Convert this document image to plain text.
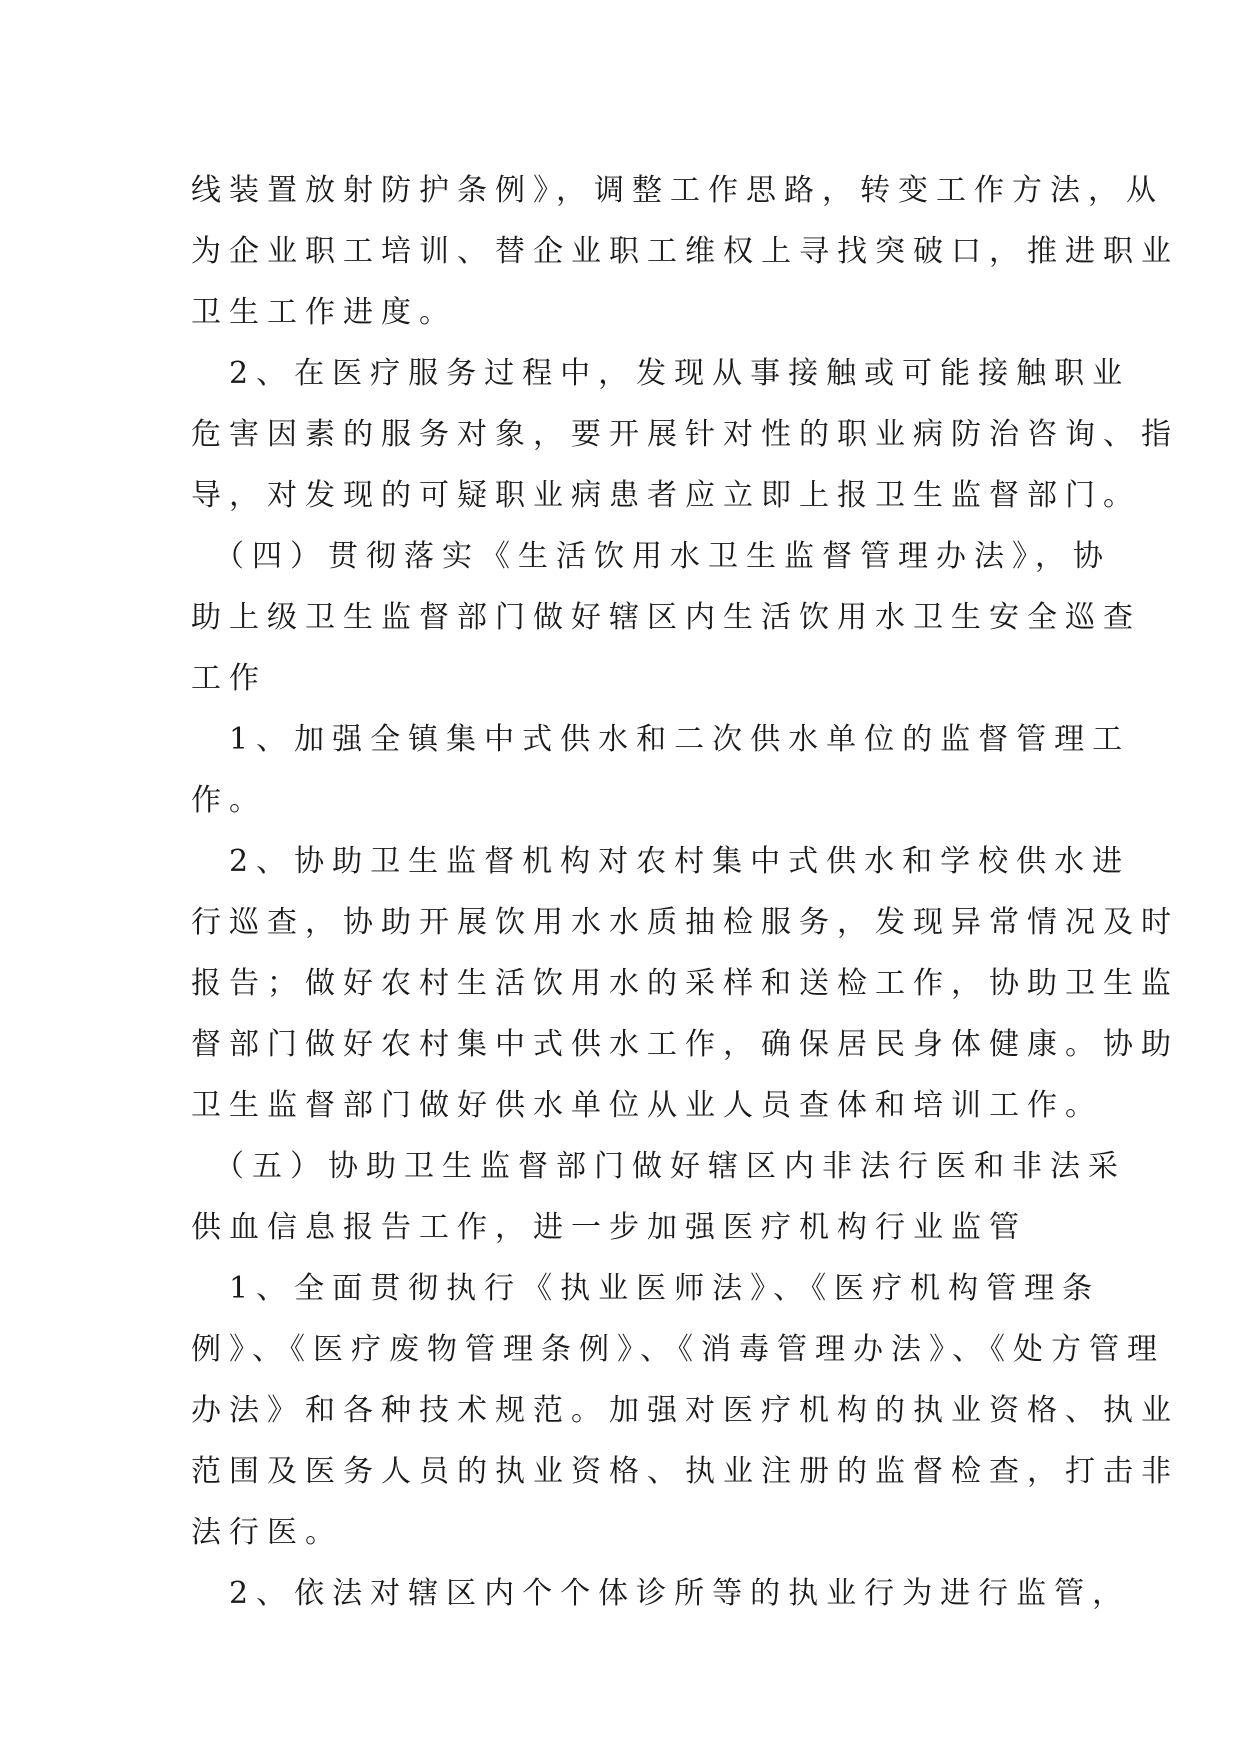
线装置放射防护条例》，调整工作思路，转变工作方法，从
为企业职工培训、替企业职工维权上寻找突破口，推进职业
卫生工作进度。
　2、在医疗服务过程中，发现从事接触或可能接触职业
危害因素的服务对象，要开展针对性的职业病防治咨询、指
导，对发现的可疑职业病患者应立即上报卫生监督部门。
　（四）贯彻落实《生活饮用水卫生监督管理办法》，协
助上级卫生监督部门做好辖区内生活饮用水卫生安全巡查
工作
　1、加强全镇集中式供水和二次供水单位的监督管理工
作。
　2、协助卫生监督机构对农村集中式供水和学校供水进
行巡查，协助开展饮用水水质抽检服务，发现异常情况及时
报告；做好农村生活饮用水的采样和送检工作，协助卫生监
督部门做好农村集中式供水工作，确保居民身体健康。协助
卫生监督部门做好供水单位从业人员查体和培训工作。
　（五）协助卫生监督部门做好辖区内非法行医和非法采
供血信息报告工作，进一步加强医疗机构行业监管
　1、全面贯彻执行《执业医师法》、《医疗机构管理条
例》、《医疗废物管理条例》、《消毒管理办法》、《处方管理
办法》和各种技术规范。加强对医疗机构的执业资格、执业
范围及医务人员的执业资格、执业注册的监督检查，打击非
法行医。
　2、依法对辖区内个个体诊所等的执业行为进行监管，
